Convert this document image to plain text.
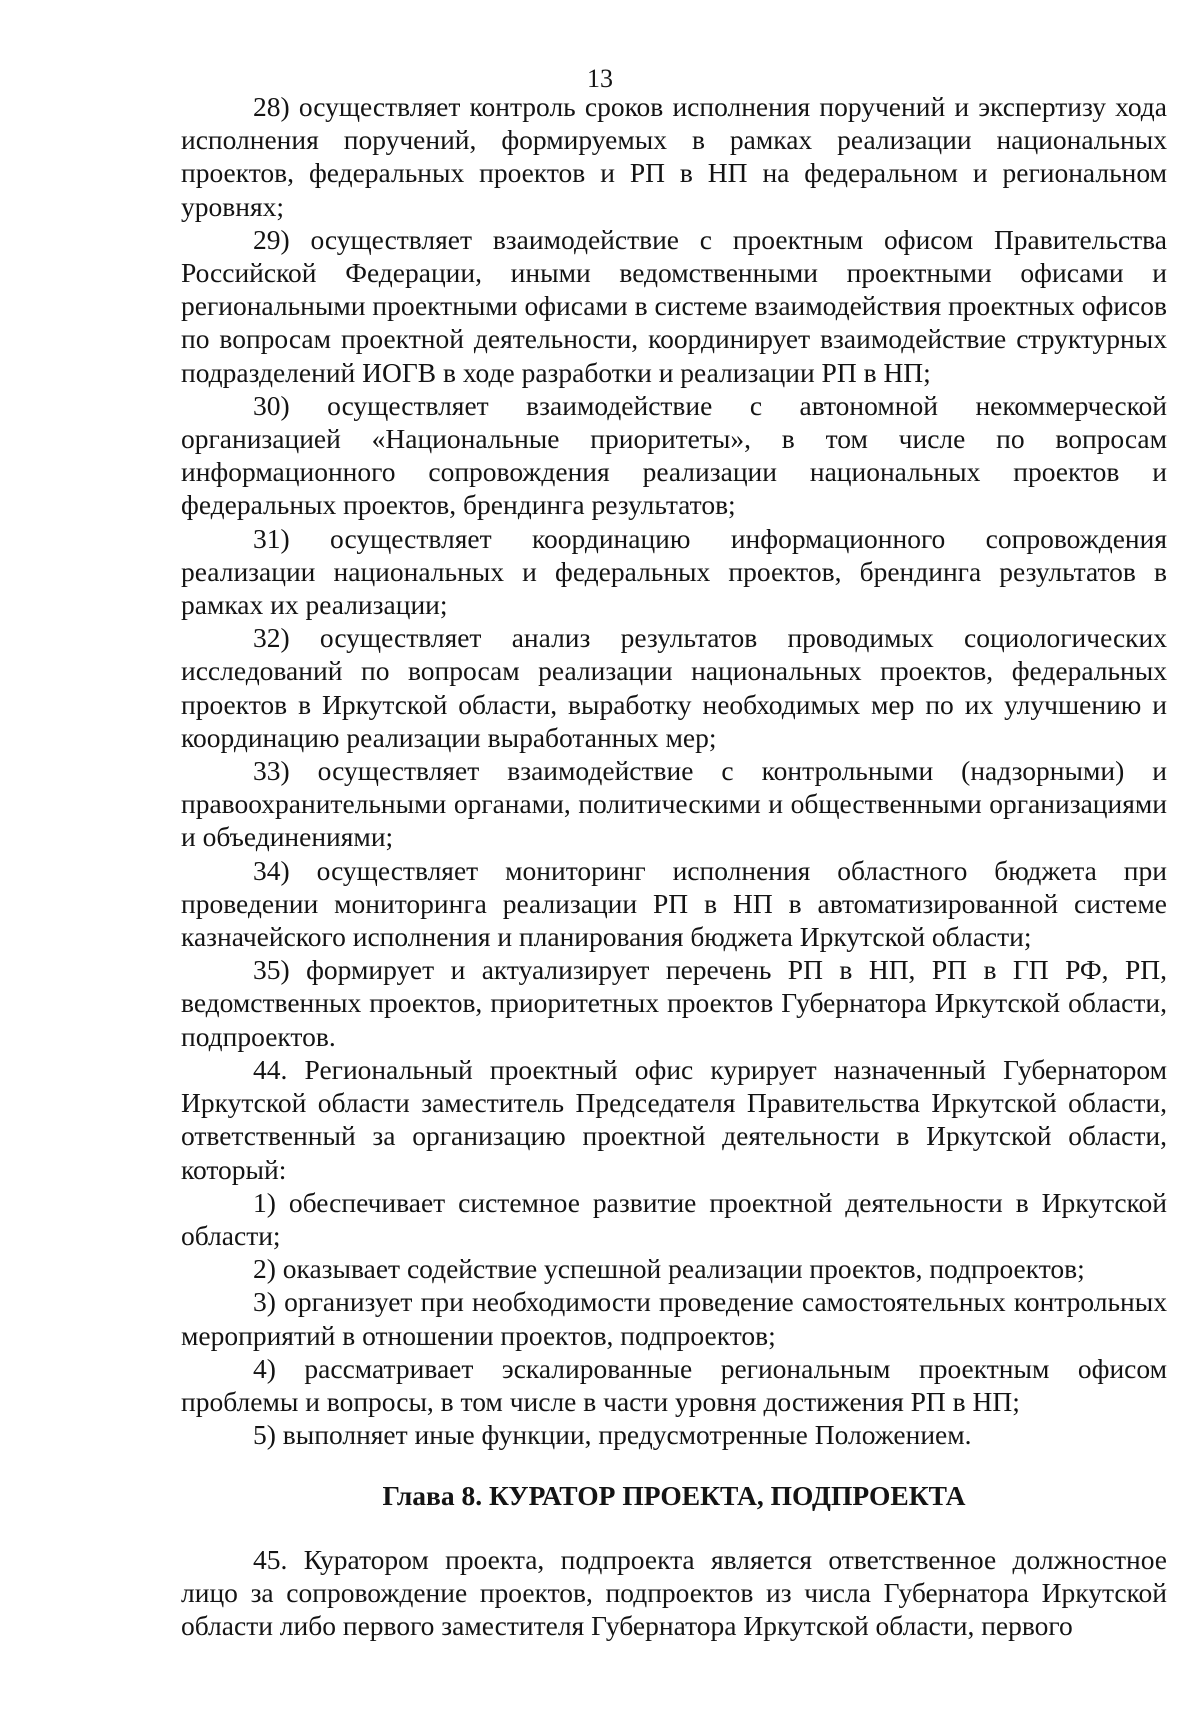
13

28) осуществляет контроль сроков исполнения поручений и экспертизу хода исполнения поручений, формируемых в рамках реализации национальных проектов, федеральных проектов и РП в НП на федеральном и региональном уровнях;

29) осуществляет взаимодействие с проектным офисом Правительства Российской Федерации, иными ведомственными проектными офисами и региональными проектными офисами в системе взаимодействия проектных офисов по вопросам проектной деятельности, координирует взаимодействие структурных подразделений ИОГВ в ходе разработки и реализации РП в НП;

30) осуществляет взаимодействие с автономной некоммерческой организацией «Национальные приоритеты», в том числе по вопросам информационного сопровождения реализации национальных проектов и федеральных проектов, брендинга результатов;

31) осуществляет координацию информационного сопровождения реализации национальных и федеральных проектов, брендинга результатов в рамках их реализации;

32) осуществляет анализ результатов проводимых социологических исследований по вопросам реализации национальных проектов, федеральных проектов в Иркутской области, выработку необходимых мер по их улучшению и координацию реализации выработанных мер;

33) осуществляет взаимодействие с контрольными (надзорными) и правоохранительными органами, политическими и общественными организациями и объединениями;

34) осуществляет мониторинг исполнения областного бюджета при проведении мониторинга реализации РП в НП в автоматизированной системе казначейского исполнения и планирования бюджета Иркутской области;

35) формирует и актуализирует перечень РП в НП, РП в ГП РФ, РП, ведомственных проектов, приоритетных проектов Губернатора Иркутской области, подпроектов.

44. Региональный проектный офис курирует назначенный Губернатором Иркутской области заместитель Председателя Правительства Иркутской области, ответственный за организацию проектной деятельности в Иркутской области, который:

1) обеспечивает системное развитие проектной деятельности в Иркутской области;

2) оказывает содействие успешной реализации проектов, подпроектов;

3) организует при необходимости проведение самостоятельных контрольных мероприятий в отношении проектов, подпроектов;

4) рассматривает эскалированные региональным проектным офисом проблемы и вопросы, в том числе в части уровня достижения РП в НП;

5) выполняет иные функции, предусмотренные Положением.

Глава 8. КУРАТОР ПРОЕКТА, ПОДПРОЕКТА

45. Куратором проекта, подпроекта является ответственное должностное лицо за сопровождение проектов, подпроектов из числа Губернатора Иркутской области либо первого заместителя Губернатора Иркутской области, первого
